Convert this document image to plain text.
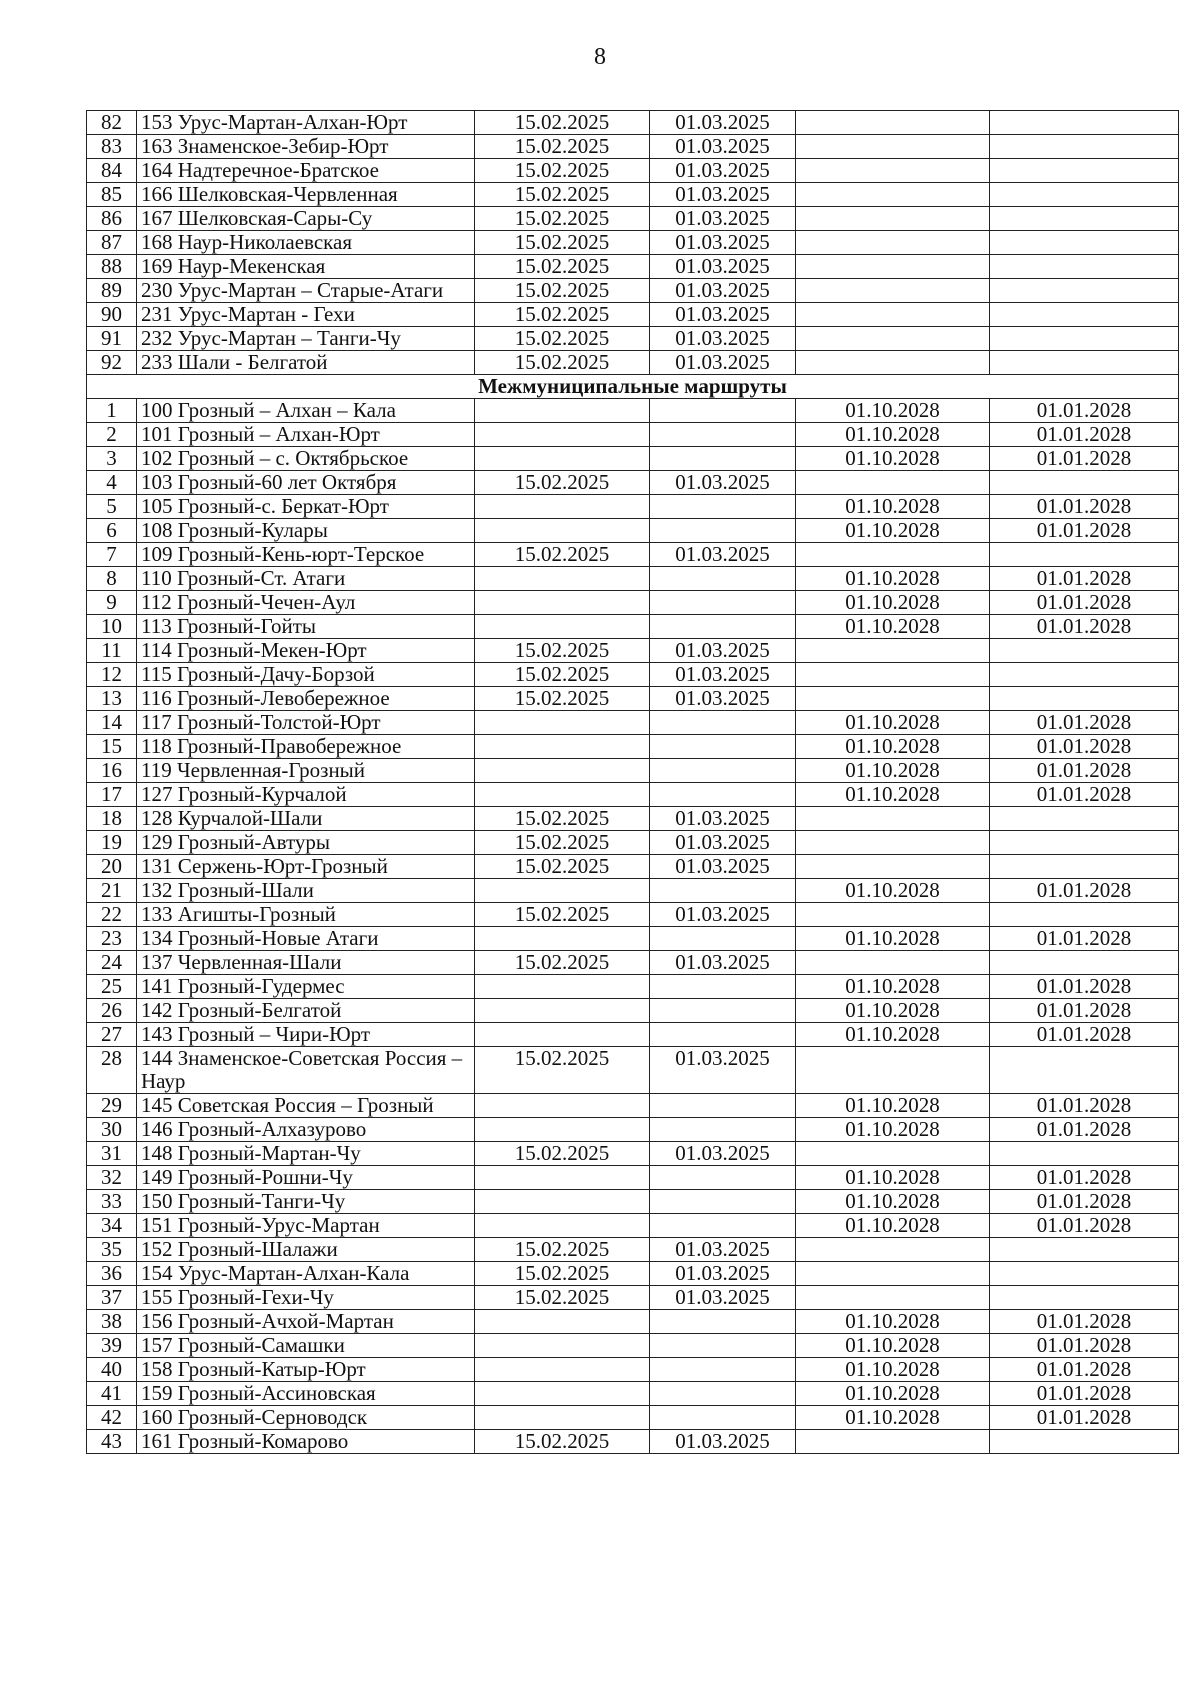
8
82	153 Урус-Мартан-Алхан-Юрт	15.02.2025	01.03.2025		
83	163 Знаменское-Зебир-Юрт	15.02.2025	01.03.2025		
84	164 Надтеречное-Братское	15.02.2025	01.03.2025		
85	166 Шелковская-Червленная	15.02.2025	01.03.2025		
86	167 Шелковская-Сары-Су	15.02.2025	01.03.2025		
87	168 Наур-Николаевская	15.02.2025	01.03.2025		
88	169 Наур-Мекенская	15.02.2025	01.03.2025		
89	230 Урус-Мартан – Старые-Атаги	15.02.2025	01.03.2025		
90	231 Урус-Мартан - Гехи	15.02.2025	01.03.2025		
91	232 Урус-Мартан – Танги-Чу	15.02.2025	01.03.2025		
92	233 Шали - Белгатой	15.02.2025	01.03.2025		
Межмуниципальные маршруты					
1	100 Грозный – Алхан – Кала			01.10.2028	01.01.2028
2	101 Грозный – Алхан-Юрт			01.10.2028	01.01.2028
3	102 Грозный – с. Октябрьское			01.10.2028	01.01.2028
4	103 Грозный-60 лет Октября	15.02.2025	01.03.2025		
5	105 Грозный-с. Беркат-Юрт			01.10.2028	01.01.2028
6	108 Грозный-Кулары			01.10.2028	01.01.2028
7	109 Грозный-Кень-юрт-Терское	15.02.2025	01.03.2025		
8	110 Грозный-Ст. Атаги			01.10.2028	01.01.2028
9	112 Грозный-Чечен-Аул			01.10.2028	01.01.2028
10	113 Грозный-Гойты			01.10.2028	01.01.2028
11	114 Грозный-Мекен-Юрт	15.02.2025	01.03.2025		
12	115 Грозный-Дачу-Борзой	15.02.2025	01.03.2025		
13	116 Грозный-Левобережное	15.02.2025	01.03.2025		
14	117 Грозный-Толстой-Юрт			01.10.2028	01.01.2028
15	118 Грозный-Правобережное			01.10.2028	01.01.2028
16	119 Червленная-Грозный			01.10.2028	01.01.2028
17	127 Грозный-Курчалой			01.10.2028	01.01.2028
18	128 Курчалой-Шали	15.02.2025	01.03.2025		
19	129 Грозный-Автуры	15.02.2025	01.03.2025		
20	131 Сержень-Юрт-Грозный	15.02.2025	01.03.2025		
21	132 Грозный-Шали			01.10.2028	01.01.2028
22	133 Агишты-Грозный	15.02.2025	01.03.2025		
23	134 Грозный-Новые Атаги			01.10.2028	01.01.2028
24	137 Червленная-Шали	15.02.2025	01.03.2025		
25	141 Грозный-Гудермес			01.10.2028	01.01.2028
26	142 Грозный-Белгатой			01.10.2028	01.01.2028
27	143 Грозный – Чири-Юрт			01.10.2028	01.01.2028
28	144 Знаменское-Советская Россия – Наур	15.02.2025	01.03.2025		
29	145 Советская Россия – Грозный			01.10.2028	01.01.2028
30	146 Грозный-Алхазурово			01.10.2028	01.01.2028
31	148 Грозный-Мартан-Чу	15.02.2025	01.03.2025		
32	149 Грозный-Рошни-Чу			01.10.2028	01.01.2028
33	150 Грозный-Танги-Чу			01.10.2028	01.01.2028
34	151 Грозный-Урус-Мартан			01.10.2028	01.01.2028
35	152 Грозный-Шалажи	15.02.2025	01.03.2025		
36	154 Урус-Мартан-Алхан-Кала	15.02.2025	01.03.2025		
37	155 Грозный-Гехи-Чу	15.02.2025	01.03.2025		
38	156 Грозный-Ачхой-Мартан			01.10.2028	01.01.2028
39	157 Грозный-Самашки			01.10.2028	01.01.2028
40	158 Грозный-Катыр-Юрт			01.10.2028	01.01.2028
41	159 Грозный-Ассиновская			01.10.2028	01.01.2028
42	160 Грозный-Серноводск			01.10.2028	01.01.2028
43	161 Грозный-Комарово	15.02.2025	01.03.2025		
